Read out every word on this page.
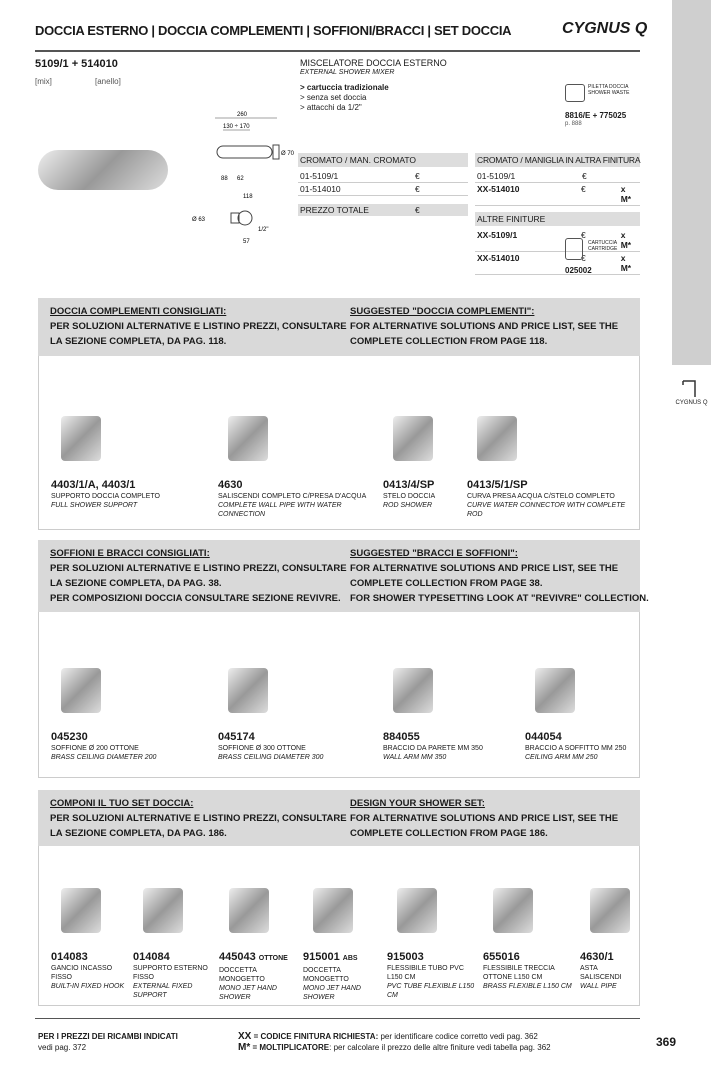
CYGNUS Q
DOCCIA ESTERNO | DOCCIA COMPLEMENTI | SOFFIONI/BRACCI | SET DOCCIA	CYGNUS Q
5109/1 + 514010
[mix]	[anello]
260
130 ÷ 170
88 62
118
1/2"
57
Ø 70
Ø 63
MISCELATORE DOCCIA ESTERNO
EXTERNAL SHOWER MIXER
> cartuccia tradizionale
> senza set doccia
> attacchi da 1/2"
PILETTA DOCCIA
SHOWER WASTE
8816/E + 775025
p. 888
CROMATO / MAN. CROMATO
01-5109/1	€
01-514010	€
PREZZO TOTALE	€
CROMATO / MANIGLIA IN ALTRA FINITURA
01-5109/1	€
XX-514010	€	x M*
ALTRE FINITURE
XX-5109/1	€	x M*
XX-514010	€	x M*
CARTUCCIA
CARTRIDGE
025002
DOCCIA COMPLEMENTI CONSIGLIATI:
PER SOLUZIONI ALTERNATIVE E LISTINO PREZZI, CONSULTARE
LA SEZIONE COMPLETA, DA PAG. 118.
SUGGESTED "DOCCIA COMPLEMENTI":
FOR ALTERNATIVE SOLUTIONS AND PRICE LIST, SEE THE
COMPLETE COLLECTION FROM PAGE 118.
4403/1/A, 4403/1
SUPPORTO DOCCIA COMPLETO
FULL SHOWER SUPPORT
4630
SALISCENDI COMPLETO C/PRESA D'ACQUA
COMPLETE WALL PIPE WITH WATER CONNECTION
0413/4/SP
STELO DOCCIA
ROD SHOWER
0413/5/1/SP
CURVA PRESA ACQUA C/STELO COMPLETO
CURVE WATER CONNECTOR WITH COMPLETE ROD
SOFFIONI E BRACCI CONSIGLIATI:
PER SOLUZIONI ALTERNATIVE E LISTINO PREZZI, CONSULTARE
LA SEZIONE COMPLETA, DA PAG. 38.
PER COMPOSIZIONI DOCCIA CONSULTARE SEZIONE REVIVRE.
SUGGESTED "BRACCI E SOFFIONI":
FOR ALTERNATIVE SOLUTIONS AND PRICE LIST, SEE THE
COMPLETE COLLECTION FROM PAGE 38.
FOR SHOWER TYPESETTING LOOK AT "REVIVRE" COLLECTION.
045230
SOFFIONE Ø 200 OTTONE
BRASS CEILING DIAMETER 200
045174
SOFFIONE Ø 300 OTTONE
BRASS CEILING DIAMETER 300
884055
BRACCIO DA PARETE MM 350
WALL ARM MM 350
044054
BRACCIO A SOFFITTO MM 250
CEILING ARM MM 250
COMPONI IL TUO SET DOCCIA:
PER SOLUZIONI ALTERNATIVE E LISTINO PREZZI, CONSULTARE
LA SEZIONE COMPLETA, DA PAG. 186.
DESIGN YOUR SHOWER SET:
FOR ALTERNATIVE SOLUTIONS AND PRICE LIST, SEE THE
COMPLETE COLLECTION FROM PAGE 186.
014083
GANCIO INCASSO FISSO
BUILT-IN FIXED HOOK
014084
SUPPORTO ESTERNO FISSO
EXTERNAL FIXED SUPPORT
445043 OTTONE
DOCCETTA MONOGETTO
MONO JET HAND SHOWER
915001 ABS
DOCCETTA MONOGETTO
MONO JET HAND SHOWER
915003
FLESSIBILE TUBO PVC L150 CM
PVC TUBE FLEXIBLE L150 CM
655016
FLESSIBILE TRECCIA OTTONE L150 CM
BRASS FLEXIBLE L150 CM
4630/1
ASTA SALISCENDI
WALL PIPE
PER I PREZZI DEI RICAMBI INDICATI
vedi pag. 372
XX = CODICE FINITURA RICHIESTA: per identificare codice corretto vedi pag. 362
M* = MOLTIPLICATORE: per calcolare il prezzo delle altre finiture vedi tabella pag. 362	369
